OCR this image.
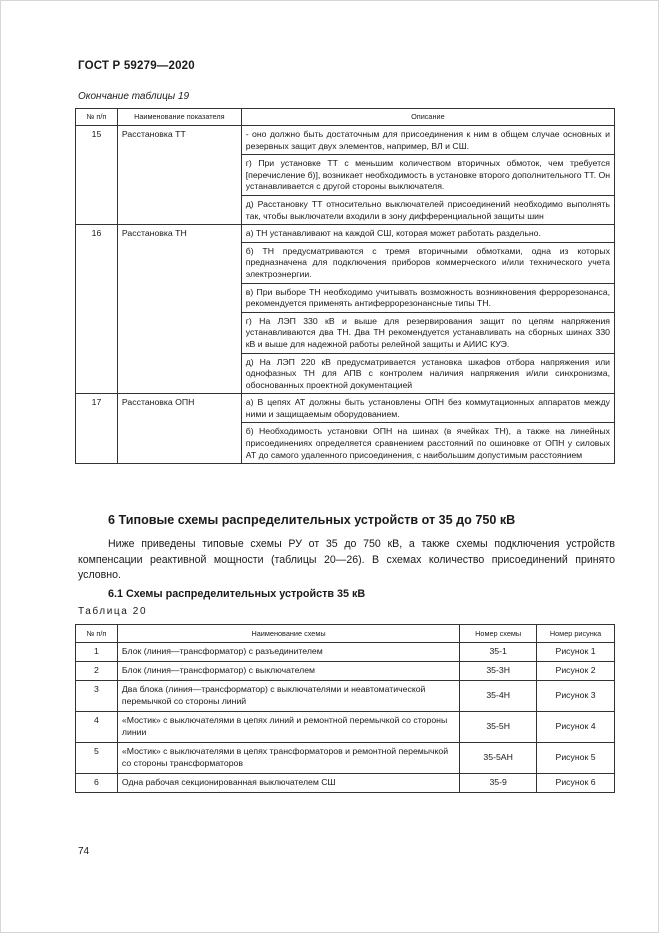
ГОСТ Р 59279—2020
Окончание таблицы 19
№ п/п	Наименование показателя	Описание
15	Расстановка ТТ	- оно должно быть достаточным для присоединения к ним в общем случае основных и резервных защит двух элементов, например, ВЛ и СШ.
г) При установке ТТ с меньшим количеством вторичных обмоток, чем требуется [перечисление б)], возникает необходимость в установке второго дополнительного ТТ. Он устанавливается с другой стороны выключателя.
д) Расстановку ТТ относительно выключателей присоединений необходимо выполнять так, чтобы выключатели входили в зону дифференциальной защиты шин

16	Расстановка ТН	а) ТН устанавливают на каждой СШ, которая может работать раздельно.
б) ТН предусматриваются с тремя вторичными обмотками, одна из которых предназначена для подключения приборов коммерческого и/или технического учета электроэнергии.
в) При выборе ТН необходимо учитывать возможность возникновения феррорезонанса, рекомендуется применять антиферрорезонансные типы ТН.
г) На ЛЭП 330 кВ и выше для резервирования защит по цепям напряжения устанавливаются два ТН. Два ТН рекомендуется устанавливать на сборных шинах 330 кВ и выше для надежной работы релейной защиты и АИИС КУЭ.
д) На ЛЭП 220 кВ предусматривается установка шкафов отбора напряжения или однофазных ТН для АПВ с контролем наличия напряжения и/или синхронизма, обоснованных проектной документацией

17	Расстановка ОПН	а) В цепях АТ должны быть установлены ОПН без коммутационных аппаратов между ними и защищаемым оборудованием.
б) Необходимость установки ОПН на шинах (в ячейках ТН), а также на линейных присоединениях определяется сравнением расстояний по ошиновке от ОПН у силовых АТ до самого удаленного присоединения, с наибольшим допустимым расстоянием
6 Типовые схемы распределительных устройств от 35 до 750 кВ
Ниже приведены типовые схемы РУ от 35 до 750 кВ, а также схемы подключения устройств компенсации реактивной мощности (таблицы 20—26). В схемах количество присоединений принято условно.
6.1 Схемы распределительных устройств 35 кВ
Таблица 20
№ п/п	Наименование схемы	Номер схемы	Номер рисунка
1	Блок (линия—трансформатор) с разъединителем	35-1	Рисунок 1
2	Блок (линия—трансформатор) с выключателем	35-3Н	Рисунок 2
3	Два блока (линия—трансформатор) с выключателями и неавтоматической перемычкой со стороны линий	35-4Н	Рисунок 3
4	«Мостик» с выключателями в цепях линий и ремонтной перемычкой со стороны линии	35-5Н	Рисунок 4
5	«Мостик» с выключателями в цепях трансформаторов и ремонтной перемычкой со стороны трансформаторов	35-5АН	Рисунок 5
6	Одна рабочая секционированная выключателем СШ	35-9	Рисунок 6
74
